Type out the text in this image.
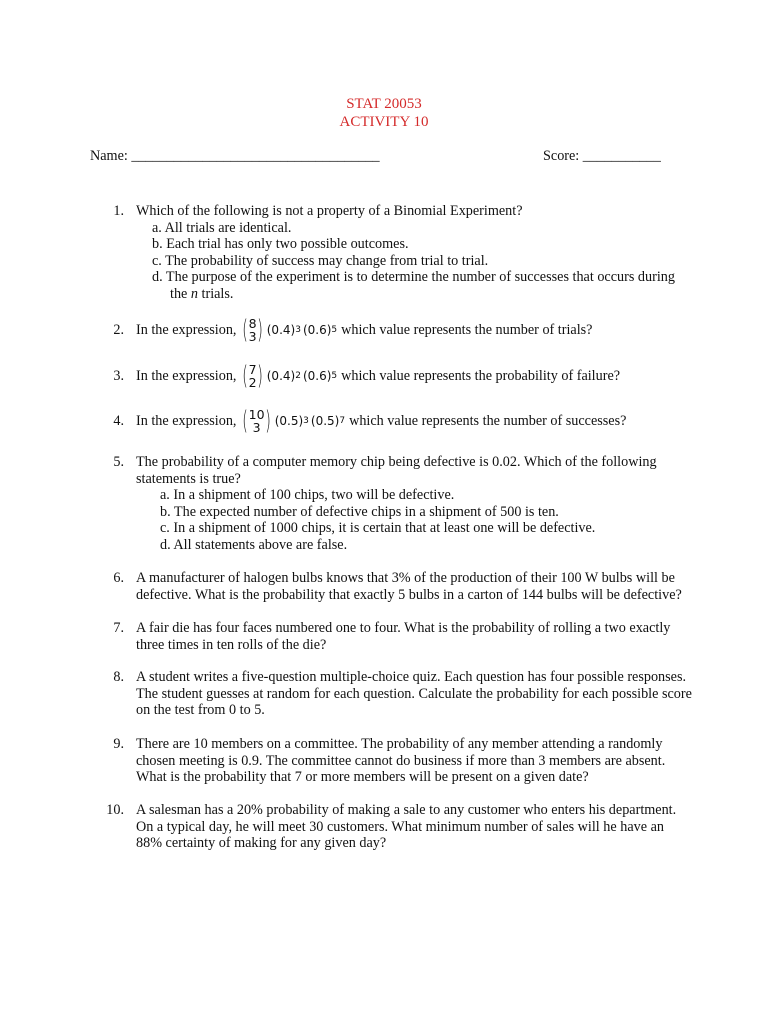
STAT 20053
ACTIVITY 10
Name: ___________________________________	Score: ___________
1. Which of the following is not a property of a Binomial Experiment?
a. All trials are identical.
b. Each trial has only two possible outcomes.
c. The probability of success may change from trial to trial.
d. The purpose of the experiment is to determine the number of successes that occurs during
the n trials.
2. In the expression, ( 8
3 ) (0.4) 3 (0.6) 5 which value represents the number of trials?
3. In the expression, ( 7
2 ) (0.4) 2 (0.6) 5 which value represents the probability of failure?
4. In the expression, ( 10
3 ) (0.5) 3 (0.5) 7 which value represents the number of successes?
5. The probability of a computer memory chip being defective is 0.02. Which of the following
statements is true?
a. In a shipment of 100 chips, two will be defective.
b. The expected number of defective chips in a shipment of 500 is ten.
c. In a shipment of 1000 chips, it is certain that at least one will be defective.
d. All statements above are false.
6. A manufacturer of halogen bulbs knows that 3% of the production of their 100 W bulbs will be
defective. What is the probability that exactly 5 bulbs in a carton of 144 bulbs will be defective?
7. A fair die has four faces numbered one to four. What is the probability of rolling a two exactly
three times in ten rolls of the die?
8. A student writes a five-question multiple-choice quiz. Each question has four possible responses.
The student guesses at random for each question. Calculate the probability for each possible score
on the test from 0 to 5.
9. There are 10 members on a committee. The probability of any member attending a randomly
chosen meeting is 0.9. The committee cannot do business if more than 3 members are absent.
What is the probability that 7 or more members will be present on a given date?
10. A salesman has a 20% probability of making a sale to any customer who enters his department.
On a typical day, he will meet 30 customers. What minimum number of sales will he have an
88% certainty of making for any given day?
